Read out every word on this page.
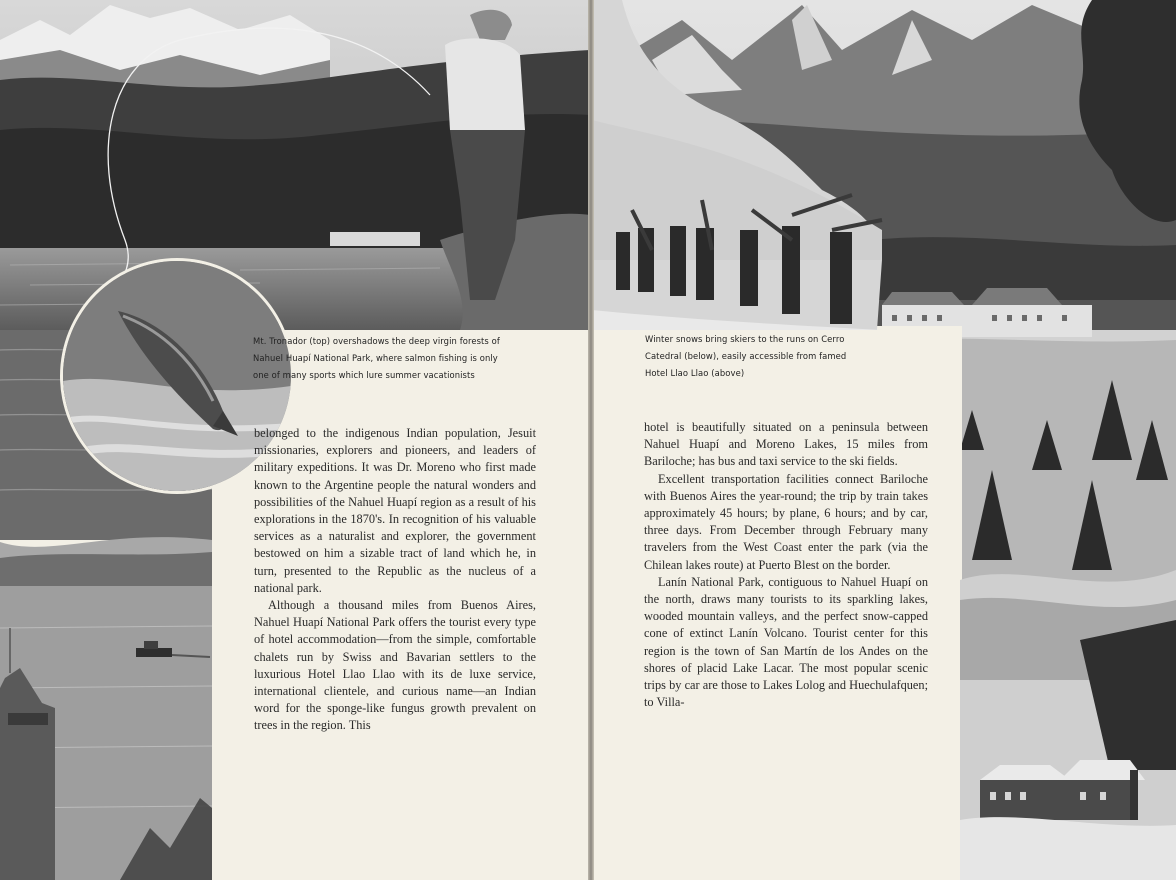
Mt. Tronador (top) overshadows the deep virgin forests of
Nahuel Huapí National Park, where salmon fishing is only
one of many sports which lure summer vacationists

belonged to the indigenous Indian population, Jesuit missionaries, explorers and pioneers, and leaders of military expeditions. It was Dr. Moreno who first made known to the Argentine people the natural wonders and possibilities of the Nahuel Huapí region as a result of his explorations in the 1870's. In recognition of his valuable services as a naturalist and explorer, the government bestowed on him a sizable tract of land which he, in turn, presented to the Republic as the nucleus of a national park.

Although a thousand miles from Buenos Aires, Nahuel Huapí National Park offers the tourist every type of hotel accommodation—from the simple, comfortable chalets run by Swiss and Bavarian settlers to the luxurious Hotel Llao Llao with its de luxe service, international clientele, and curious name—an Indian word for the sponge-like fungus growth prevalent on trees in the region. This

Winter snows bring skiers to the runs on Cerro
Catedral (below), easily accessible from famed
Hotel Llao Llao (above)

hotel is beautifully situated on a peninsula between Nahuel Huapí and Moreno Lakes, 15 miles from Bariloche; has bus and taxi service to the ski fields.

Excellent transportation facilities connect Bariloche with Buenos Aires the year-round; the trip by train takes approximately 45 hours; by plane, 6 hours; and by car, three days. From December through February many travelers from the West Coast enter the park (via the Chilean lakes route) at Puerto Blest on the border.

Lanín National Park, contiguous to Nahuel Huapí on the north, draws many tourists to its sparkling lakes, wooded mountain valleys, and the perfect snow-capped cone of extinct Lanín Volcano. Tourist center for this region is the town of San Martín de los Andes on the shores of placid Lake Lacar. The most popular scenic trips by car are those to Lakes Lolog and Huechulafquen; to Villa-
